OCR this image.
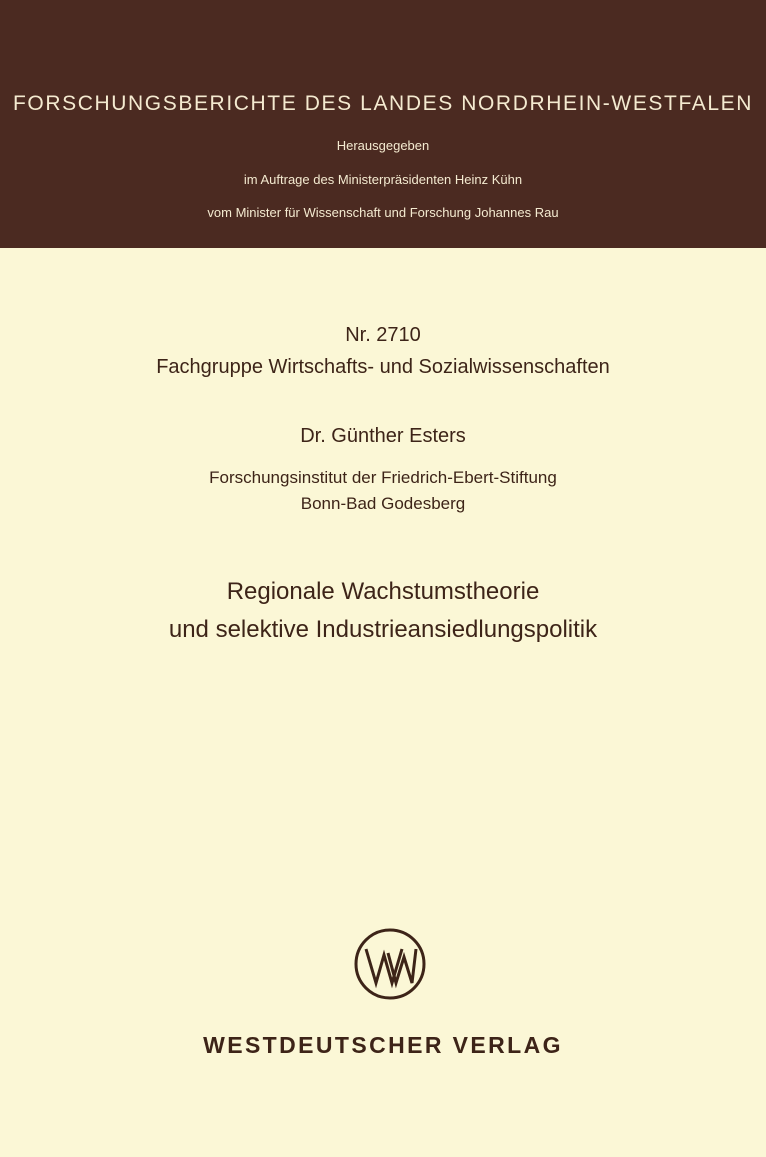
FORSCHUNGSBERICHTE DES LANDES NORDRHEIN-WESTFALEN
Herausgegeben
im Auftrage des Ministerpräsidenten Heinz Kühn
vom Minister für Wissenschaft und Forschung Johannes Rau
Nr. 2710
Fachgruppe Wirtschafts- und Sozialwissenschaften
Dr. Günther Esters
Forschungsinstitut der Friedrich-Ebert-Stiftung
Bonn-Bad Godesberg
Regionale Wachstumstheorie
und selektive Industrieansiedlungspolitik
WESTDEUTSCHER VERLAG
